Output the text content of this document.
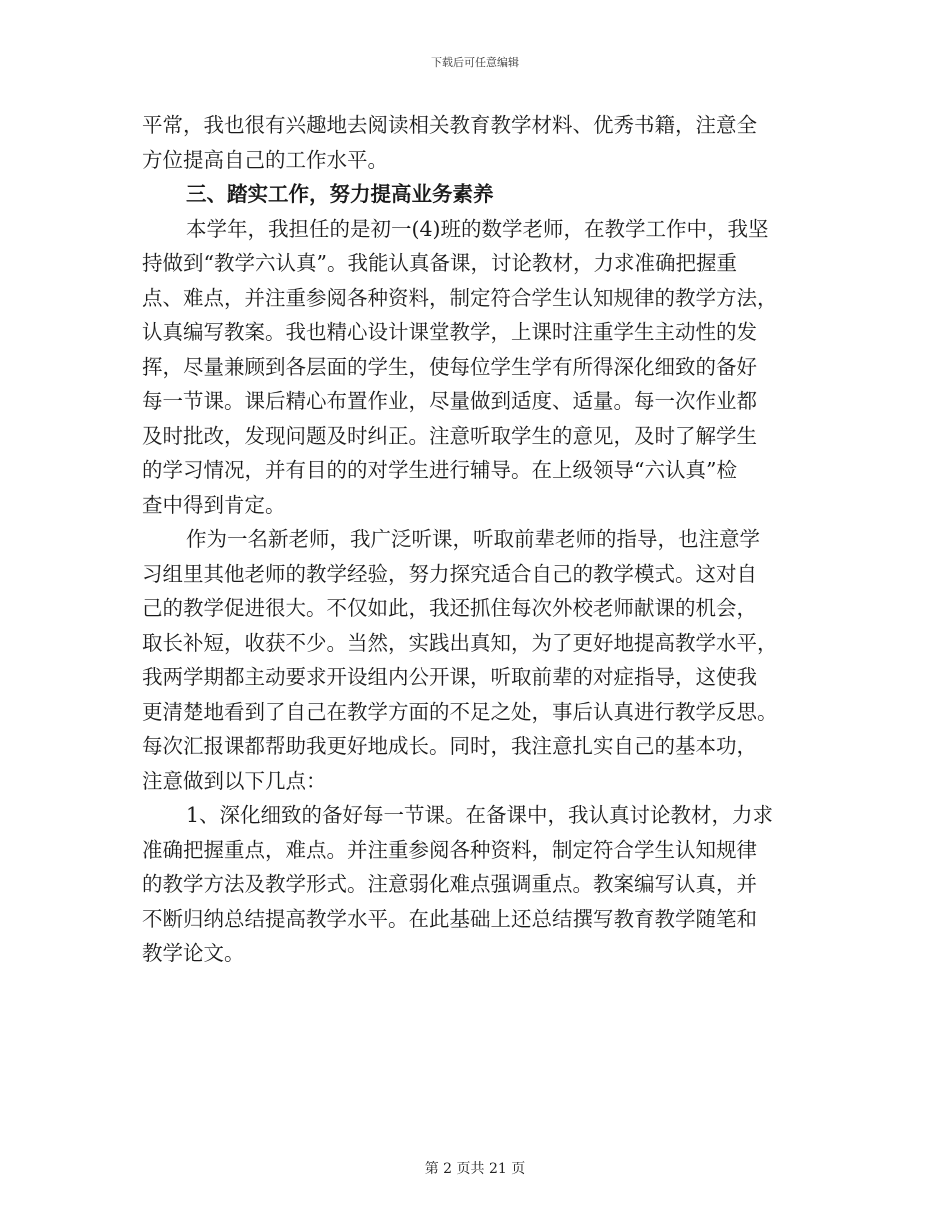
下载后可任意编辑
平常，我也很有兴趣地去阅读相关教育教学材料、优秀书籍，注意全
方位提高自己的工作水平。
三、踏实工作，努力提高业务素养
本学年，我担任的是初一(4)班的数学老师，在教学工作中，我坚
持做到“教学六认真”。我能认真备课，讨论教材，力求准确把握重
点、难点，并注重参阅各种资料，制定符合学生认知规律的教学方法，
认真编写教案。我也精心设计课堂教学，上课时注重学生主动性的发
挥，尽量兼顾到各层面的学生，使每位学生学有所得深化细致的备好
每一节课。课后精心布置作业，尽量做到适度、适量。每一次作业都
及时批改，发现问题及时纠正。注意听取学生的意见，及时了解学生
的学习情况，并有目的的对学生进行辅导。在上级领导“六认真”检
查中得到肯定。
作为一名新老师，我广泛听课，听取前辈老师的指导，也注意学
习组里其他老师的教学经验，努力探究适合自己的教学模式。这对自
己的教学促进很大。不仅如此，我还抓住每次外校老师献课的机会，
取长补短，收获不少。当然，实践出真知，为了更好地提高教学水平，
我两学期都主动要求开设组内公开课，听取前辈的对症指导，这使我
更清楚地看到了自己在教学方面的不足之处，事后认真进行教学反思。
每次汇报课都帮助我更好地成长。同时，我注意扎实自己的基本功，
注意做到以下几点：
1、深化细致的备好每一节课。在备课中，我认真讨论教材，力求
准确把握重点，难点。并注重参阅各种资料，制定符合学生认知规律
的教学方法及教学形式。注意弱化难点强调重点。教案编写认真，并
不断归纳总结提高教学水平。在此基础上还总结撰写教育教学随笔和
教学论文。
第 2 页共 21 页
